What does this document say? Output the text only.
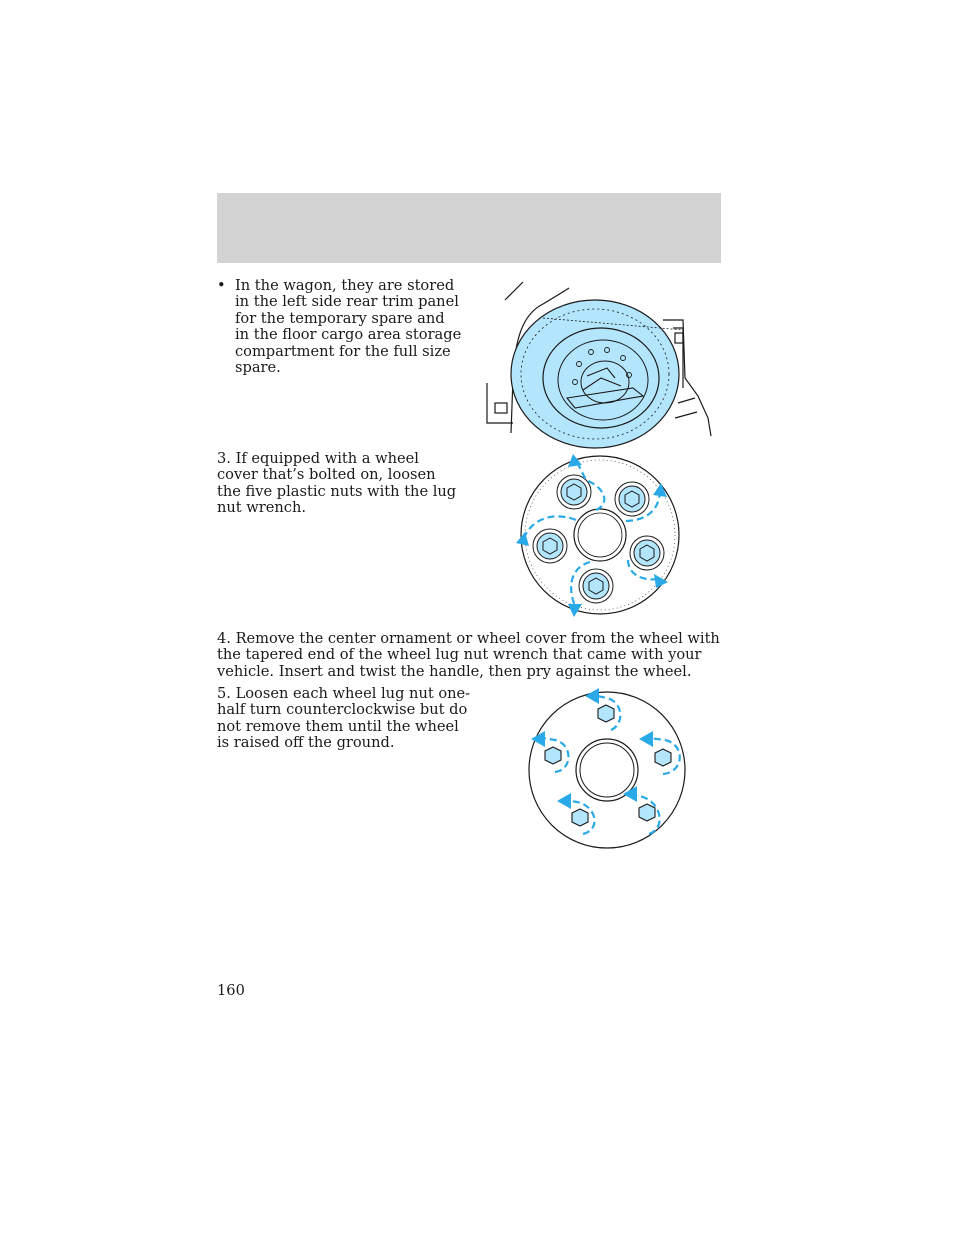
• In the wagon, they are stored in the left side rear trim panel for the temporary spare and in the floor cargo area storage compartment for the full size spare.
3. If equipped with a wheel cover that’s bolted on, loosen the five plastic nuts with the lug nut wrench.
4. Remove the center ornament or wheel cover from the wheel with the tapered end of the wheel lug nut wrench that came with your vehicle. Insert and twist the handle, then pry against the wheel.
5. Loosen each wheel lug nut one-half turn counterclockwise but do not remove them until the wheel is raised off the ground.
160
